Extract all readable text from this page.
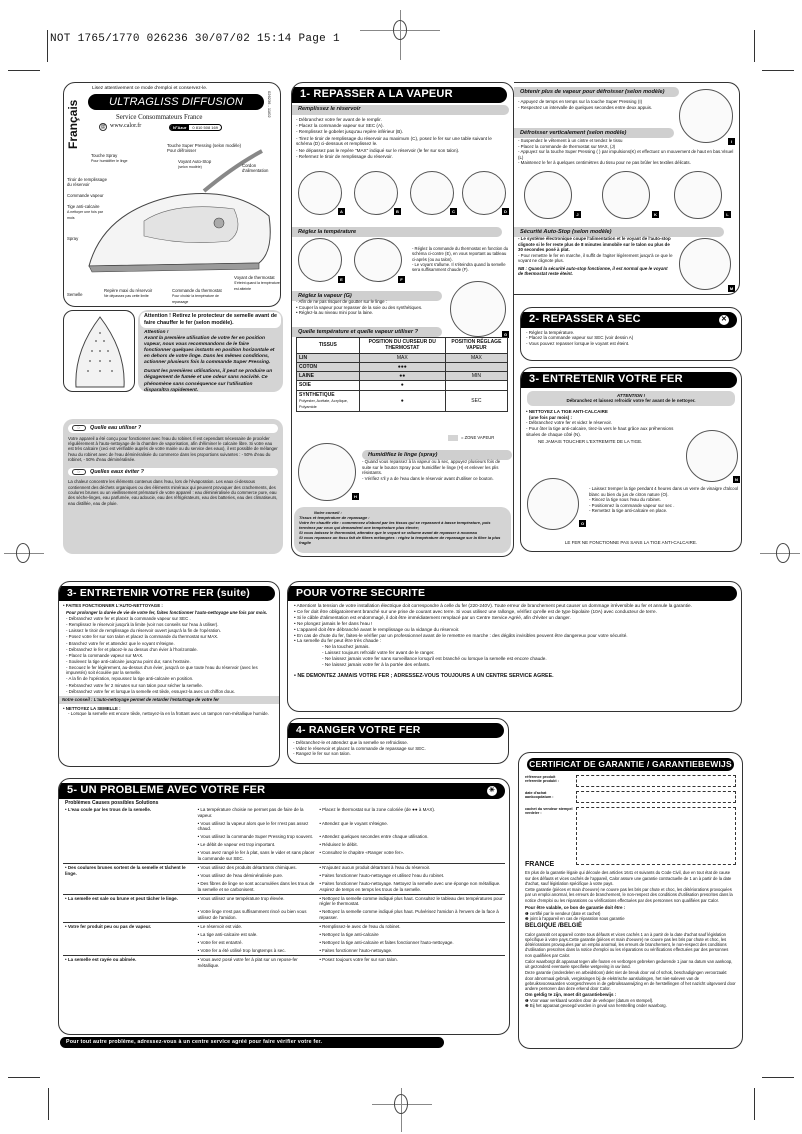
NOT 1765/1770 026236 30/07/02 15:14 Page 1
Français
Lisez attentivement ce mode d'emploi et conservez-le.
ULTRAGLISS DIFFUSION	026236 - 11/02
Service Consommateurs France
@ www.calor.fr	N°Azur	0 810 508 169
Touche Super Pressing (selon modèle)
Pour défroisser
Touche Spray
Pour humidifier le linge	Voyant Auto-Stop
(selon modèle)	Cordon d'alimentation
Tiroir de remplissage du réservoir
Commande vapeur
Tige anti-calcaire
A nettoyer une fois par mois
Spray
Voyant de thermostat
S'éteint quand la température est atteinte
Semelle
Repère maxi du réservoir
Ne dépassez pas cette limite
Commande du thermostat
Pour choisir la température de repassage
Attention ! Retirez le protecteur de semelle avant de faire chauffer le fer (selon modèle).
Attention !
Avant la première utilisation de votre fer en position vapeur, nous vous recommandons de le faire fonctionner quelques instants en position horizontale et en dehors de votre linge. Dans les mêmes conditions, actionner plusieurs fois la commande Super Pressing.
Durant les premières utilisations, il peut se produire un dégagement de fumée et une odeur sans nocivité. Ce phénomène sans conséquence sur l'utilisation disparaîtra rapidement.
☞	Quelle eau utiliser ?
Votre appareil a été conçu pour fonctionner avec l'eau du robinet. Il est cependant nécessaire de procéder régulièrement à l'auto-nettoyage de la chambre de vaporisation, afin d'éliminer le calcaire libre. Si votre eau est très calcaire (ceci est vérifiable auprès de votre mairie ou du service des eaux), il est possible de mélanger l'eau du robinet avec de l'eau déminéralisée du commerce dans les proportions suivantes : - 50% d'eau du robinet, - 50% d'eau déminéralisée.
☞	Quelles eaux éviter ?
La chaleur concentre les éléments contenus dans l'eau, lors de l'évaporation. Les eaux ci-dessous contiennent des déchets organiques ou des éléments minéraux qui peuvent provoquer des crachements, des coulures brunes ou un vieillissement prématuré de votre appareil : eau déminéralisée du commerce pure, eau des sèche-linges, eau parfumée, eau adoucie, eau des réfrigérateurs, eau des batteries, eau des climatiseurs, eau distillée, eau de pluie.
1- REPASSER A LA VAPEUR
Remplissez le réservoir
- Débranchez votre fer avant de le remplir.
- Placez la commande vapeur sur SEC (A).
- Remplissez le gobelet jusqu'au repère inférieur (B).
- Tirez le tiroir de remplissage du réservoir au maximum (C), posez le fer sur une table suivant le schéma (D) ci-dessous et remplissez le.
- Ne dépassez pas le repère "MAX" indiqué sur le réservoir (le fer sur son talon).
- Refermez le tiroir de remplissage du réservoir.
A	B	C	D
Réglez la température
E	F
- Réglez la commande du thermostat en fonction du schéma ci-contre (E), en vous reportant au tableau ci-après (ou au talon).
- Le voyant s'allume. Il s'éteindra quand la semelle sera suffisamment chaude (F).
Réglez la vapeur (G)
- Afin de ne pas risquer de goutter sur le linge :
• Couper la vapeur pour repasser de la soie ou des synthétiques.
• Réglez-la au niveau mini pour la laine.
G
Quelle température et quelle vapeur utiliser ?
TISSUS	POSITION DU CURSEUR DU THERMOSTAT	POSITION RÉGLAGE VAPEUR
LIN	MAX	MAX
COTON	●●●	
LAINE	●●	MIN
SOIE	●	
SYNTHETIQUE
Polyester, Acétate, Acrylique, Polyamide	●	SEC
= ZONE VAPEUR
H
Humidifiez le linge (spray)
- Quand vous repassez à la vapeur ou à sec, appuyez plusieurs fois de suite sur le bouton Spray pour humidifier le linge (H) et enlever les plis résistants.
- Vérifiez s'il y a de l'eau dans le réservoir avant d'utiliser ce bouton.
Notre conseil :
Tissus et température de repassage :
Votre fer chauffe vite : commencez d'abord par les tissus qui se repassent à basse température, puis terminez par ceux qui demandent une température plus élevée;
Si vous baissez le thermostat, attendez que le voyant se rallume avant de repasser à nouveau
Si vous repassez un tissu fait de fibres mélangées : réglez la température de repassage sur la fibre la plus fragile
Obtenir plus de vapeur pour défroisser (selon modèle)
- Appuyez de temps en temps sur la touche Super Pressing (I)
- Respectez un intervalle de quelques secondes entre deux appuis.
I
Défroisser verticalement (selon modèle)
- Suspendez le vêtement à un cintre et tendez le tissu
- Placez la commande de thermostat sur MAX, (J)
- Appuyez sur la touche Super Pressing ( ) par impulsions(K) et effectuez un mouvement de haut en bas.Visuel (L)
- Maintenez le fer à quelques centimètres du tissu pour ne pas brûler les textiles délicats.
J	K	L
Sécurité Auto-Stop (selon modèle)
- Le système électronique coupe l'alimentation et le voyant de l'auto-stop clignote si le fer reste plus de 8 minutes immobile sur le talon ou plus de 30 secondes posé à plat.
- Pour remettre le fer en marche, il suffit de l'agiter légèrement jusqu'à ce que le voyant ne clignote plus.
NB : Quand la sécurité auto-stop fonctionne, il est normal que le voyant de thermostat reste éteint.
M
2- REPASSER A SEC	✕
- Réglez la température.
- Placez la commande vapeur sur SEC (voir dessin A)
- Vous pouvez repasser lorsque le voyant est éteint.
3- ENTRETENIR VOTRE FER
ATTENTION !
Débranchez et laissez refroidir votre fer avant de le nettoyer.
• NETTOYEZ LA TIGE ANTI-CALCAIRE
(une fois par mois) :
- Débranchez votre fer et videz le réservoir.
- Pour ôter la tige anti-calcaire, tirez-la vers le haut grâce aux préhensions situées de chaque côté (N).
NE JAMAIS TOUCHER L'EXTREMITE DE LA TIGE.
N
O
- Laissez tremper la tige pendant 4 heures dans un verre de vinaigre d'alcool blanc ou bien du jus de citron nature (O).
- Rincez la tige sous l'eau du robinet.
- Positionnez la commande vapeur sur sec .
- Remettez la tige anti-calcaire en place.
LE FER NE FONCTIONNE PAS SANS LA TIGE ANTI-CALCAIRE.
3- ENTRETENIR VOTRE FER (suite)
• FAITES FONCTIONNER L'AUTO-NETTOYAGE :
Pour prolonger la durée de vie de votre fer, faites fonctionner l'auto-nettoyage une fois par mois.
- Débranchez votre fer et placez la commande vapeur sur SEC .
- Remplissez le réservoir jusqu'à la limite (voir nos conseils sur l'eau à utiliser).
- Laissez le tiroir de remplissage du réservoir ouvert jusqu'à la fin de l'opération.
- Posez votre fer sur son talon et placez la commande du thermostat sur MAX.
- Branchez votre fer et attendez que le voyant s'éteigne.
- Débranchez le fer et placez-le au dessus d'un évier à l'horizontale.
- Placez la commande vapeur sur MAX.
- Soulevez la tige anti-calcaire jusqu'au point dur, sans l'extraire.
- Secouez le fer légèrement, au-dessus d'un évier, jusqu'à ce que toute l'eau du réservoir (avec les impuretés) soit écoulée par la semelle.
- A la fin de l'opération, repoussez la tige anti-calcaire en position.
- Rebranchez votre fer 2 minutes sur son talon pour sécher la semelle.
- Débranchez votre fer et lorsque la semelle est tiède, essuyez-la avec un chiffon doux.
Notre conseil : L'auto-nettoyage permet de retarder l'entartrage de votre fer
• NETTOYEZ LA SEMELLE :
- Lorsque la semelle est encore tiède, nettoyez-la en la frottant avec un tampon non-métallique humide.
POUR VOTRE SECURITE
• Attention! la tension de votre installation électrique doit correspondre à celle du fer (220-240V). Toute erreur de branchement peut causer un dommage irréversible au fer et annule la garantie.
• Ce fer doit être obligatoirement branché sur une prise de courant avec terre. Si vous utilisez une rallonge, vérifiez qu'elle est de type bipolaire (10A) avec conducteur de terre.
• Si le câble d'alimentation est endommagé, il doit être immédiatement remplacé par un Centre Service Agréé, afin d'éviter un danger.
• Ne plongez jamais le fer dans l'eau !
• L'appareil doit être débranché avant le remplissage ou la vidange du réservoir.
• En cas de chute du fer, faites-le vérifier par un professionnel avant de le remettre en marche : des dégâts invisibles peuvent être dangereux pour votre sécurité.
• La semelle du fer peut être très chaude :
- Ne la touchez jamais.
- Laissez toujours refroidir votre fer avant de le ranger.
- Ne laissez jamais votre fer sans surveillance lorsqu'il est branché ou lorsque la semelle est encore chaude.
- Ne laissez jamais votre fer à la portée des enfants.
• NE DEMONTEZ JAMAIS VOTRE FER ; ADRESSEZ-VOUS TOUJOURS A UN CENTRE SERVICE AGREE.
4- RANGER VOTRE FER
- Débranchez-le et attendez que la semelle se refroidisse.
- Videz le réservoir et placez la commande de repassage sur SEC.
- Rangez le fer sur son talon.
5- UN PROBLEME AVEC VOTRE FER	☀
Problèmes Causes possibles Solutions
• L'eau coule par les trous de la semelle.	• La température choisie ne permet pas de faire de la vapeur.	• Placez le thermostat sur la zone coloriée (de ●● à MAX).
	• Vous utilisez la vapeur alors que le fer n'est pas assez chaud.	• Attendez que le voyant s'éteigne.
	• Vous utilisez la commande Super Pressing trop souvent.	• Attendez quelques secondes entre chaque utilisation.
	• Le débit de vapeur est trop important.	• Réduisez le débit.
	• Vous avez rangé le fer à plat, sans le vider et sans placer la commande sur SEC.	• Consultez le chapitre «Ranger votre fer».
• Des coulures brunes sortent de la semelle et tâchent le linge.	• Vous utilisez des produits détartrants chimiques.	• N'ajoutez aucun produit détartrant à l'eau du réservoir.
	• Vous utilisez de l'eau déminéralisée pure.	• Faites fonctionner l'auto-nettoyage et utilisez l'eau du robinet.
	• Des fibres de linge se sont accumulées dans les trous de la semelle et se carbonisent.	• Faites fonctionner l'auto-nettoyage. Nettoyez la semelle avec une éponge non métallique. Aspirez de temps en temps les trous de la semelle.
• La semelle est sale ou brune et peut tâcher le linge.	• Vous utilisez une température trop élevée.	• Nettoyez la semelle comme indiqué plus haut. Consultez le tableau des températures pour régler le thermostat.
	• Votre linge n'est pas suffisamment rincé ou bien vous utilisez de l'amidon.	• Nettoyez la semelle comme indiqué plus haut. Pulvérisez l'amidon à l'envers de la face à repasser.
• Votre fer produit peu ou pas de vapeur.	• Le réservoir est vide.	• Remplissez-le avec de l'eau du robinet.
	• La tige anti-calcaire est sale.	• Nettoyez la tige anti-calcaire
	• Votre fer est entartré.	• Nettoyez la tige anti-calcaire et faites fonctionner l'auto-nettoyage.
	• Votre fer a été utilisé trop longtemps à sec.	• Faites fonctionner l'auto-nettoyage.
• La semelle est rayée ou abîmée.	• Vous avez posé votre fer à plat sur un repose-fer métallique.	• Posez toujours votre fer sur son talon.
Pour tout autre problème, adressez-vous à un centre service agréé pour faire vérifier votre fer.
CERTIFICAT DE GARANTIE / GARANTIEBEWIJS
référence produit referentie produkt :
date d'achat aankoopdatum :
cachet du vendeur stempel verdeler :
FRANCE

En plus de la garantie légale qui découle des articles 1641 et suivants du Code Civil, due en tout état de cause sur des défauts et vices cachés de l'appareil, Calor assure une garantie contractuelle de 1 an à partir de la date d'achat, sauf législation spécifique à votre pays.

Cette garantie (pièces et main d'oeuvre) ne couvre pas les bris par chute et choc, les détériorations provoquées par un emploi anormal, les erreurs de branchement, le non-respect des conditions d'utilisation prescrites dans la notice d'emploi ou les réparations ou vérifications effectuées par des personnes non qualifiées par Calor.

Pour être valable, ce bon de garantie doit être :
❶ certifié par le vendeur (date et cachet)
❷ joint à l'appareil en cas de réparation sous garantie
BELGIQUE /BELGIË

Calor garantit cet appareil contre tous défauts et vices cachés 1 an à partir de la date d'achat sauf législation spécifique à votre pays.Cette garantie (pièces et main d'oeuvre) ne couvre pas les bris par chute et choc, les détériorations provoquées par un emploi anormal, les erreurs de branchement, le non-respect des conditions d'utilisation prescrites dans la notice d'emploi ou les réparations ou vérifications effectuées par des personnes non qualifiées par Calor.

Calor waarborgt dit apparaat tegen alle fouten en verborgen gebreken gedurende 1 jaar na datum van aankoop, uit gezonderd eventuele specifieke wetgeving in uw land.

Deze garantie (onderdelen en arbeidsloon) dekt niet de breuk door val of schok, beschadigingen veroorzaakt door abnormaal gebruik, vergissingen bij de elektrische aansluitingen, het niet-naleven van de gebruiksvoorwaarden voorgeschreven in de gebruiksaanwijzing en de herstellingen of het nazicht uitgevoerd door andere personen dan deze erkend door Calor.

Om geldig te zijn, moet dit garantiebewijs :
❶ Voor waar verklaard worden door de verkoper (datum en stempel).
❷ Bij het apparaat gevoegd worden in geval van herstelling onder waarborg.
